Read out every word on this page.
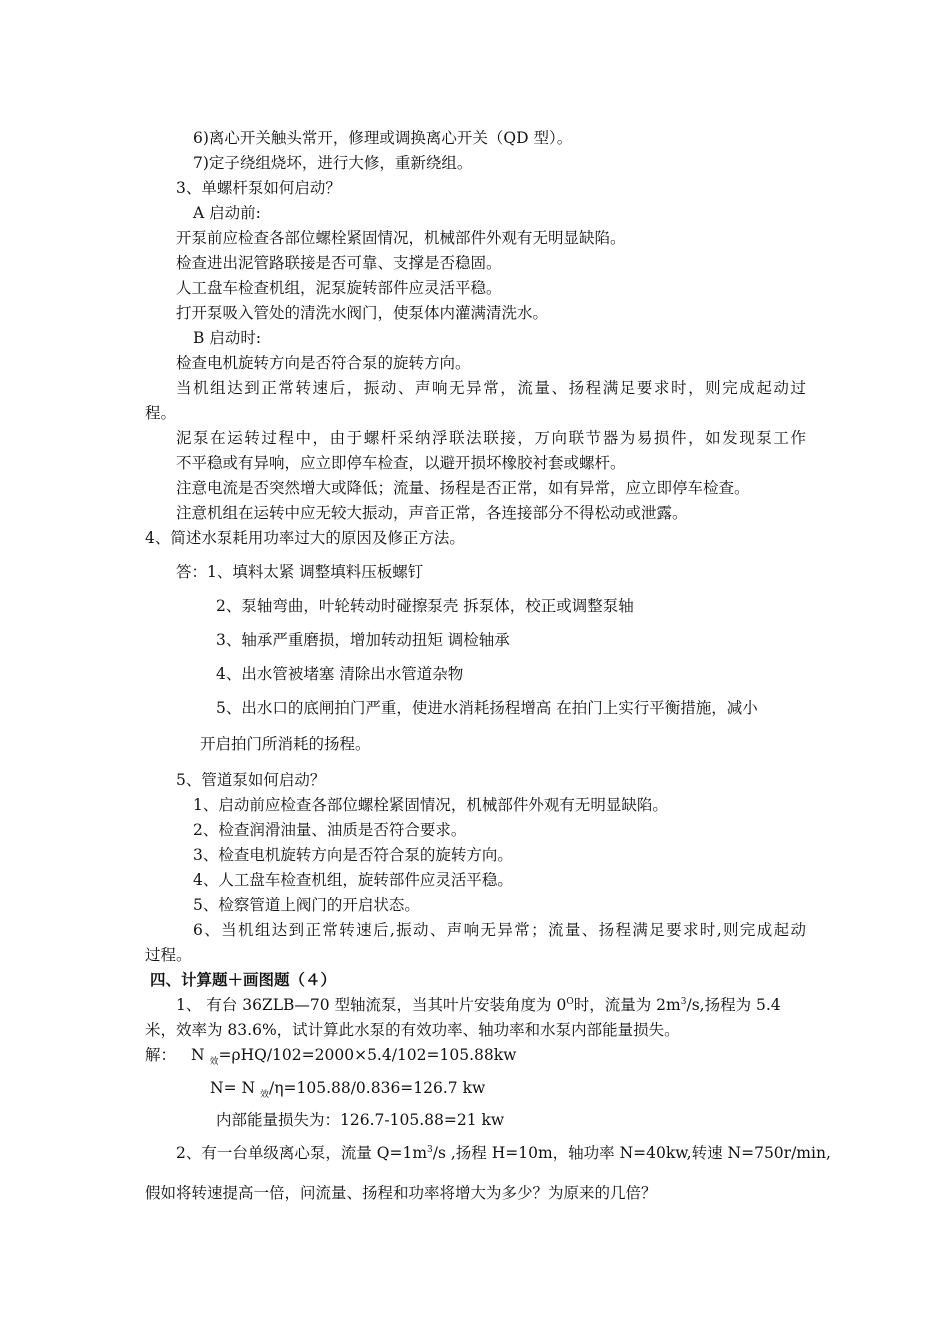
6)离心开关触头常开，修理或调换离心开关（QD 型）。
7)定子绕组烧坏，进行大修，重新绕组。
3、单螺杆泵如何启动？
A 启动前:
开泵前应检查各部位螺栓紧固情况，机械部件外观有无明显缺陷。
检查进出泥管路联接是否可靠、支撑是否稳固。
人工盘车检查机组，泥泵旋转部件应灵活平稳。
打开泵吸入管处的清洗水阀门，使泵体内灌满清洗水。
B 启动时:
检查电机旋转方向是否符合泵的旋转方向。
当机组达到正常转速后，振动、声响无异常，流量、扬程满足要求时，则完成起动过
程。
泥泵在运转过程中，由于螺杆采纳浮联法联接，万向联节器为易损件，如发现泵工作
不平稳或有异响，应立即停车检查，以避开损坏橡胶衬套或螺杆。
注意电流是否突然增大或降低；流量、扬程是否正常，如有异常，应立即停车检查。
注意机组在运转中应无较大振动，声音正常，各连接部分不得松动或泄露。
4、简述水泵耗用功率过大的原因及修正方法。
答：1、填料太紧 调整填料压板螺钉
2、泵轴弯曲，叶轮转动时碰擦泵壳 拆泵体，校正或调整泵轴
3、轴承严重磨损，增加转动扭矩 调检轴承
4、出水管被堵塞 清除出水管道杂物
5、出水口的底闸拍门严重，使进水消耗扬程增高 在拍门上实行平衡措施，减小
开启拍门所消耗的扬程。
5、管道泵如何启动？
1、启动前应检查各部位螺栓紧固情况，机械部件外观有无明显缺陷。
2、检查润滑油量、油质是否符合要求。
3、检查电机旋转方向是否符合泵的旋转方向。
4、人工盘车检查机组，旋转部件应灵活平稳。
5、检察管道上阀门的开启状态。
6、当机组达到正常转速后,振动、声响无异常；流量、扬程满足要求时,则完成起动
过程。
四、计算题＋画图题（４）
1、 有台 36ZLB—70 型轴流泵，当其叶片安装角度为 $0^O$时，流量为 $2m^3/s$,扬程为 5.4
米，效率为 83.6%，试计算此水泵的有效功率、轴功率和水泵内部能量损失。
解： N $_效$=ρHQ/102=2000×5.4/102=105.88kw
N= N $_效$/η=105.88/0.836=126.7 kw
内部能量损失为：126.7-105.88=21 kw
2、有一台单级离心泵，流量 $Q=1m^3/s$ ,扬程 H=10m，轴功率 N=40kw,转速 N=750r/min,
假如将转速提高一倍，问流量、扬程和功率将增大为多少？为原来的几倍？
